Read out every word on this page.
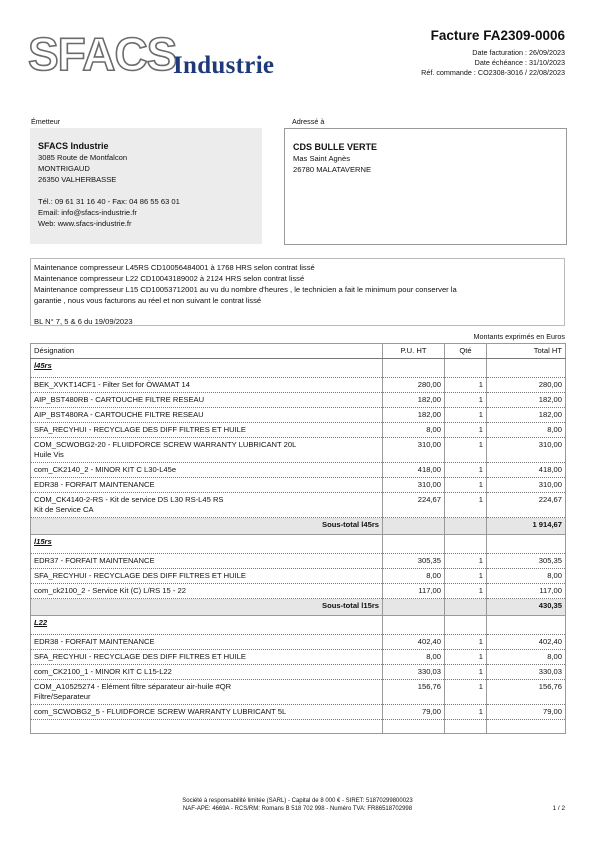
SFACS
Industrie
Facture FA2309-0006
Date facturation : 26/09/2023
Date échéance : 31/10/2023
Réf. commande : CO2308-3016 / 22/08/2023
Émetteur
SFACS Industrie
3085 Route de Montfalcon
MONTRIGAUD
26350 VALHERBASSE
Tél.: 09 61 31 16 40 - Fax: 04 86 55 63 01
Email: info@sfacs-industrie.fr
Web: www.sfacs-industrie.fr
Adressé à
CDS BULLE VERTE
Mas Saint Agnès
26780 MALATAVERNE
Maintenance compresseur L45RS CD10056484001 à 1768 HRS selon contrat lissé
Maintenance compresseur L22 CD10043189002 à 2124 HRS selon contrat lissé
Maintenance compresseur L15 CD10053712001 au vu du nombre d'heures , le technicien a fait le minimum pour conserver la
garantie , nous vous facturons au réel et non suivant le contrat lissé
BL N° 7, 5 & 6 du 19/09/2023
Montants exprimés en Euros
Désignation	P.U. HT	Qté	Total HT
l45rs			

BEK_XVKT14CF1 - Filter Set for ÖWAMAT 14	280,00	1	280,00

AIP_BST480RB - CARTOUCHE FILTRE RESEAU	182,00	1	182,00

AIP_BST480RA - CARTOUCHE FILTRE RESEAU	182,00	1	182,00

SFA_RECYHUI - RECYCLAGE DES DIFF FILTRES ET HUILE	8,00	1	8,00

COM_SCWOBG2-20 - FLUIDFORCE SCREW WARRANTY LUBRICANT 20L
Huile Vis	310,00	1	310,00

com_CK2140_2 - MINOR KIT C L30-L45e	418,00	1	418,00

EDR38 - FORFAIT MAINTENANCE	310,00	1	310,00

COM_CK4140-2-RS - Kit de service DS L30 RS-L45 RS
Kit de Service CA	224,67	1	224,67
Sous-total l45rs			1 914,67
l15rs			

EDR37 - FORFAIT MAINTENANCE	305,35	1	305,35

SFA_RECYHUI - RECYCLAGE DES DIFF FILTRES ET HUILE	8,00	1	8,00

com_ck2100_2 - Service Kit (C) L/RS 15 - 22	117,00	1	117,00
Sous-total l15rs			430,35
L22			

EDR38 - FORFAIT MAINTENANCE	402,40	1	402,40

SFA_RECYHUI - RECYCLAGE DES DIFF FILTRES ET HUILE	8,00	1	8,00

com_CK2100_1 - MINOR KIT C L15-L22	330,03	1	330,03

COM_A10525274 - Elément filtre séparateur air-huile #QR
Filtre/Separateur	156,76	1	156,76

com_SCWOBG2_5 - FLUIDFORCE SCREW WARRANTY LUBRICANT 5L	79,00	1	79,00

Société à responsabilité limitée (SARL) - Capital de 8 000 € - SIRET: 51870299800023
NAF-APE: 4669A - RCS/RM: Romans B 518 702 998 - Numéro TVA: FR86518702998	1 / 2
